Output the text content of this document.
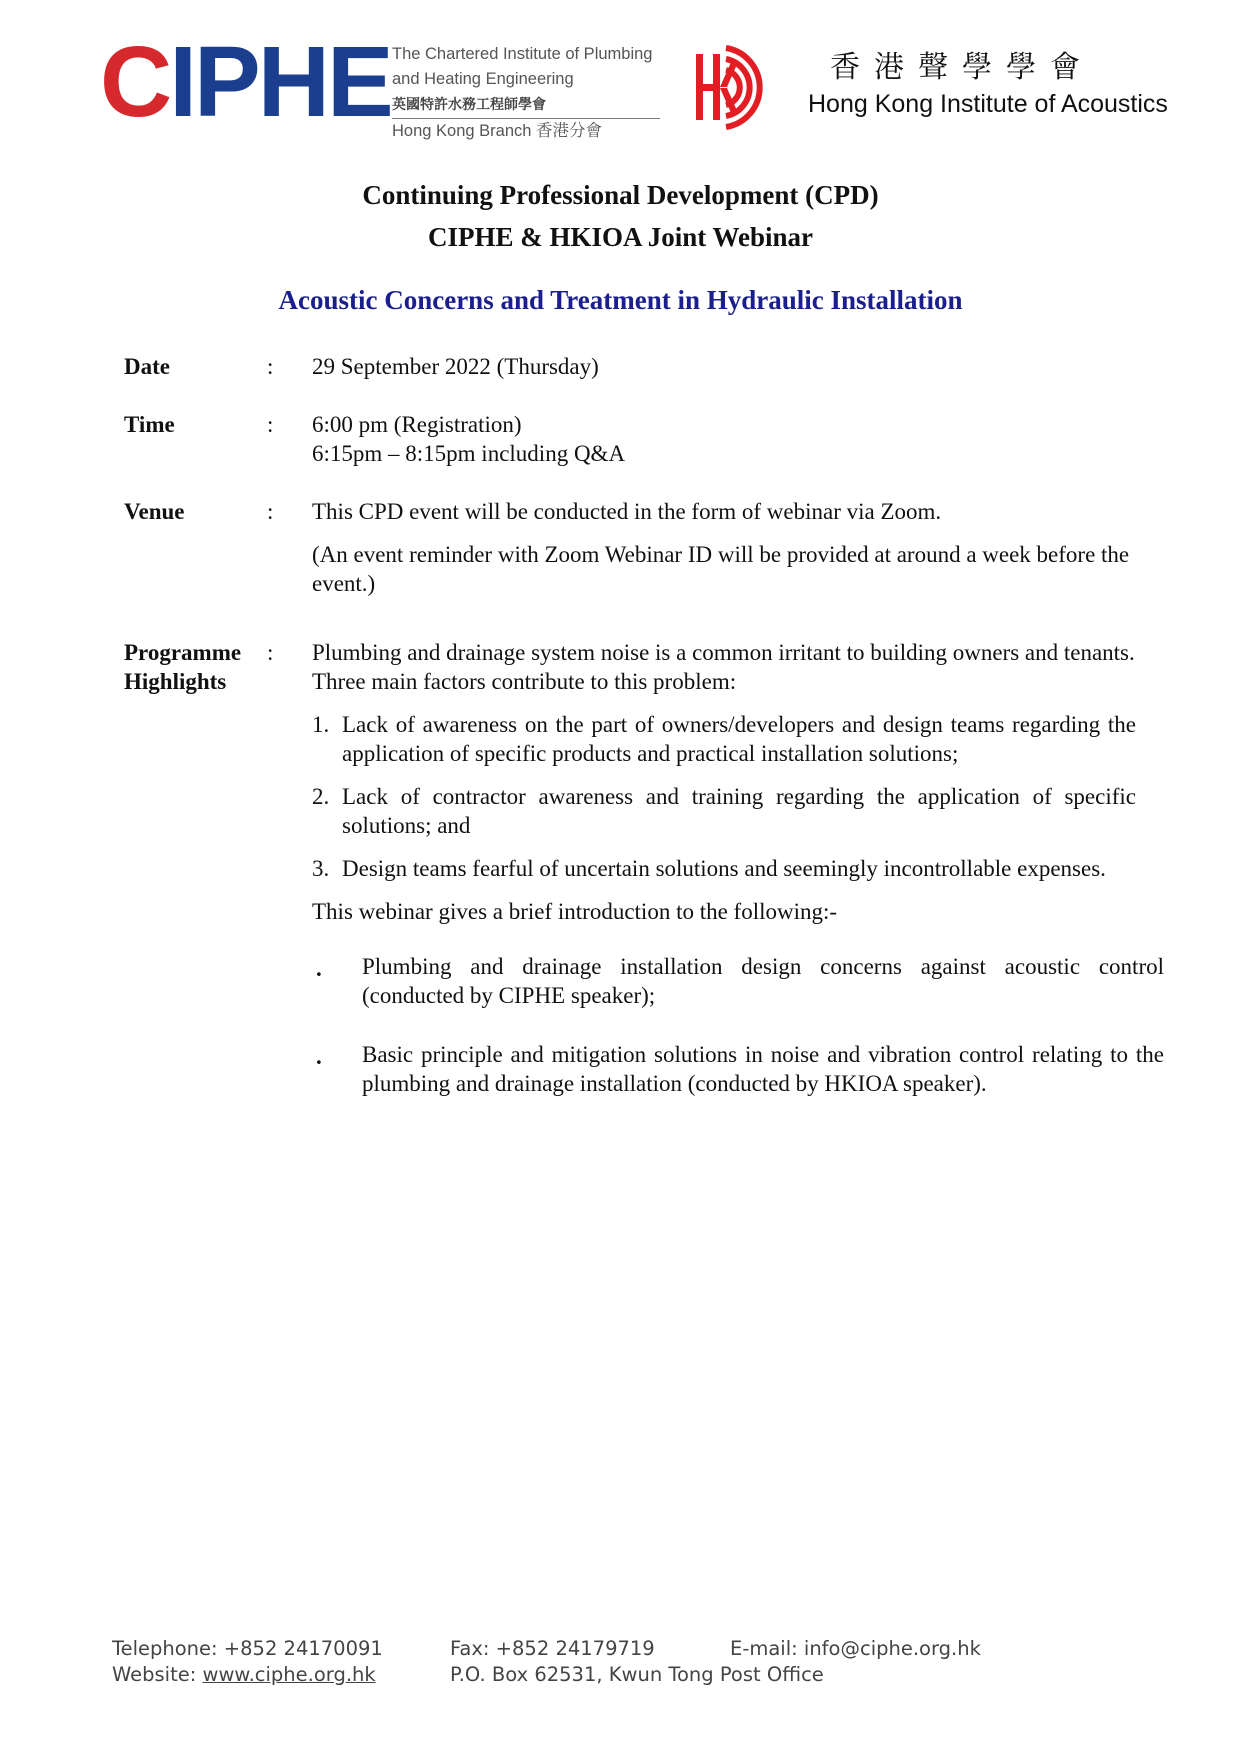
C I P H E The Chartered Institute of Plumbing
and Heating Engineering
英國特許水務工程師學會
Hong Kong Branch 香港分會
香港聲學學會
Hong Kong Institute of Acoustics
Continuing Professional Development (CPD)
CIPHE & HKIOA Joint Webinar
Acoustic Concerns and Treatment in Hydraulic Installation
Date	: 29 September 2022 (Thursday)
Time	: 6:00 pm (Registration)

6:15pm – 8:15pm including Q&A

Venue	: This CPD event will be conducted in the form of webinar via Zoom.

(An event reminder with Zoom Webinar ID will be provided at around a week before the event.)

Programme
Highlights
: Plumbing and drainage system noise is a common irritant to building owners and tenants. Three main factors contribute to this problem:

1. Lack of awareness on the part of owners/developers and design teams regarding the application of specific products and practical installation solutions;
2. Lack of contractor awareness and training regarding the application of specific solutions; and
3. Design teams fearful of uncertain solutions and seemingly incontrollable expenses.

This webinar gives a brief introduction to the following:-

. Plumbing and drainage installation design concerns against acoustic control (conducted by CIPHE speaker);
. Basic principle and mitigation solutions in noise and vibration control relating to the plumbing and drainage installation (conducted by HKIOA speaker).
Telephone: +852 24170091
Website: www.ciphe.org.hk
Fax: +852 24179719
P.O. Box 62531, Kwun Tong Post Office
E-mail: info@ciphe.org.hk
